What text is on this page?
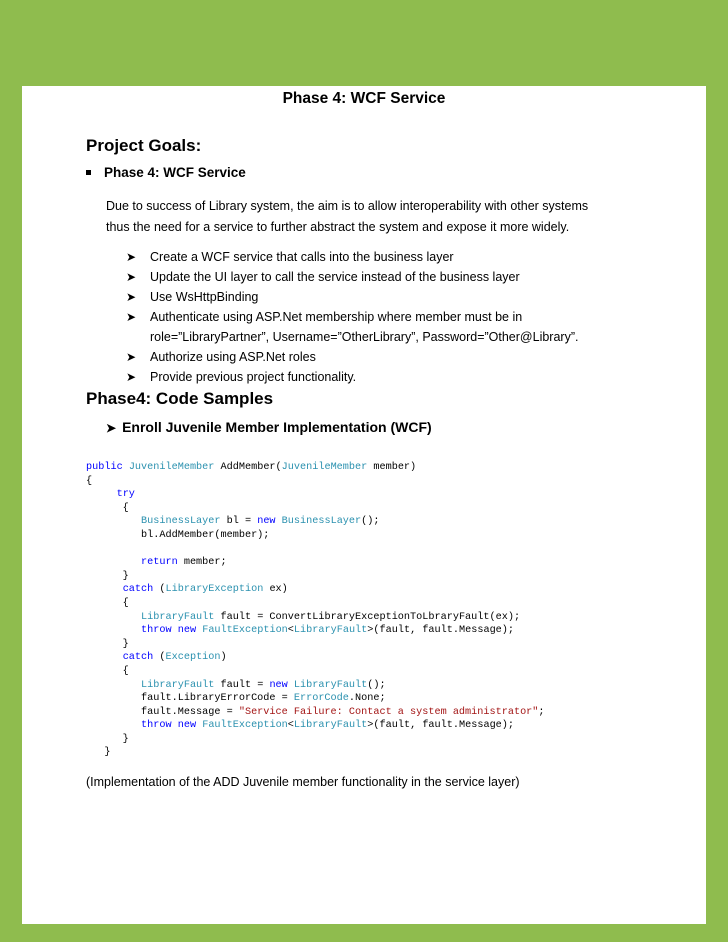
Phase 4: WCF Service
Project Goals:
Phase 4: WCF Service
Due to success of Library system, the aim is to allow interoperability with other systems
thus the need for a service to further abstract the system and expose it more widely.
➤ Create a WCF service that calls into the business layer
➤ Update the UI layer to call the service instead of the business layer
➤ Use WsHttpBinding
➤ Authenticate using ASP.Net membership where member must be in
role=”LibraryPartner”, Username=”OtherLibrary”, Password=”Other@Library”.
➤ Authorize using ASP.Net roles
➤ Provide previous project functionality.
Phase4: Code Samples
➤ Enroll Juvenile Member Implementation (WCF)
public JuvenileMember AddMember(JuvenileMember member)
{
try
{
BusinessLayer bl = new BusinessLayer();
bl.AddMember(member);

return member;
}
catch (LibraryException ex)
{
LibraryFault fault = ConvertLibraryExceptionToLbraryFault(ex);
throw new FaultException<LibraryFault>(fault, fault.Message);
}
catch (Exception)
{
LibraryFault fault = new LibraryFault();
fault.LibraryErrorCode = ErrorCode.None;
fault.Message = "Service Failure: Contact a system administrator";
throw new FaultException<LibraryFault>(fault, fault.Message);
}
}
(Implementation of the ADD Juvenile member functionality in the service layer)
